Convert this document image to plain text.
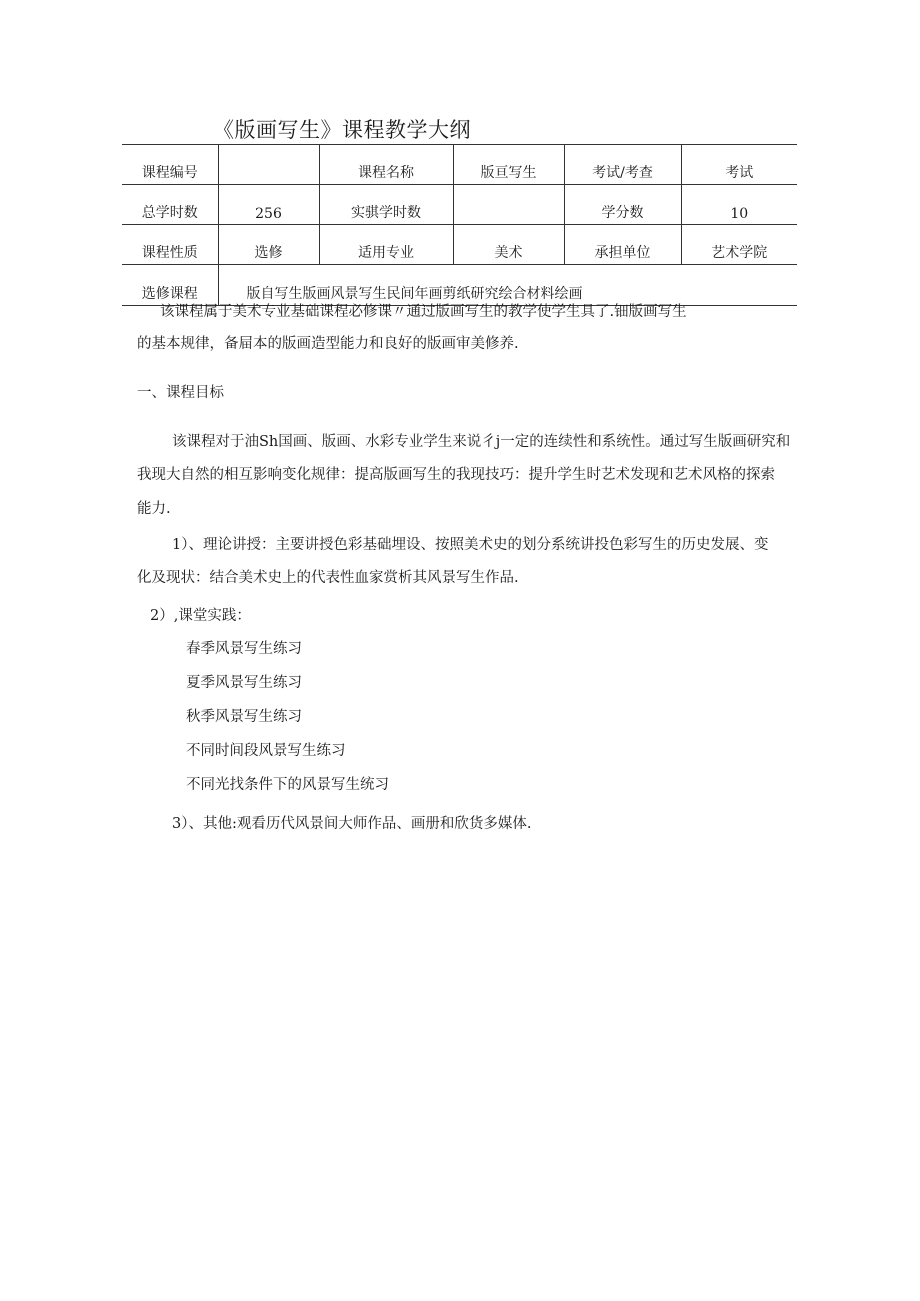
《版画写生》课程教学大纲
课程编号		课程名称	版亘写生	考试/考查	考试
总学时数	256	实骐学时数		学分数	10
课程性质	选修	适用专业	美术	承担单位	艺术学院
选修课程	版自写生版画风景写生民间年画剪纸研究绘合材料绘画				
该课程属于美术专业基础课程必修课〃通过版画写生的教学使学生具了.钿版画写生
的基本规律，备屇本的版画造型能力和良好的版画审美修养.
一、课程目标
该课程对于油Sh国画、版画、水彩专业学生来说彳j一定的连续性和系统性。通过写生版画研究和
我现大自然的相互影响变化规律：提高版画写生的我现技巧：提升学生时艺术发现和艺术风格的探索
能力.
1）、理论讲授：主要讲授色彩基础埋设、按照美术史的划分系统讲投色彩写生的历史发展、变
化及现状：结合美术史上的代表性血家赏析其风景写生作品.
2）,课堂实践：
春季风景写生练习
夏季风景写生练习
秋季风景写生练习
不同时间段风景写生练习
不同光找条件下的风景写生统习
3）、其他:观看历代风景间大师作品、画册和欣货多媒体.
